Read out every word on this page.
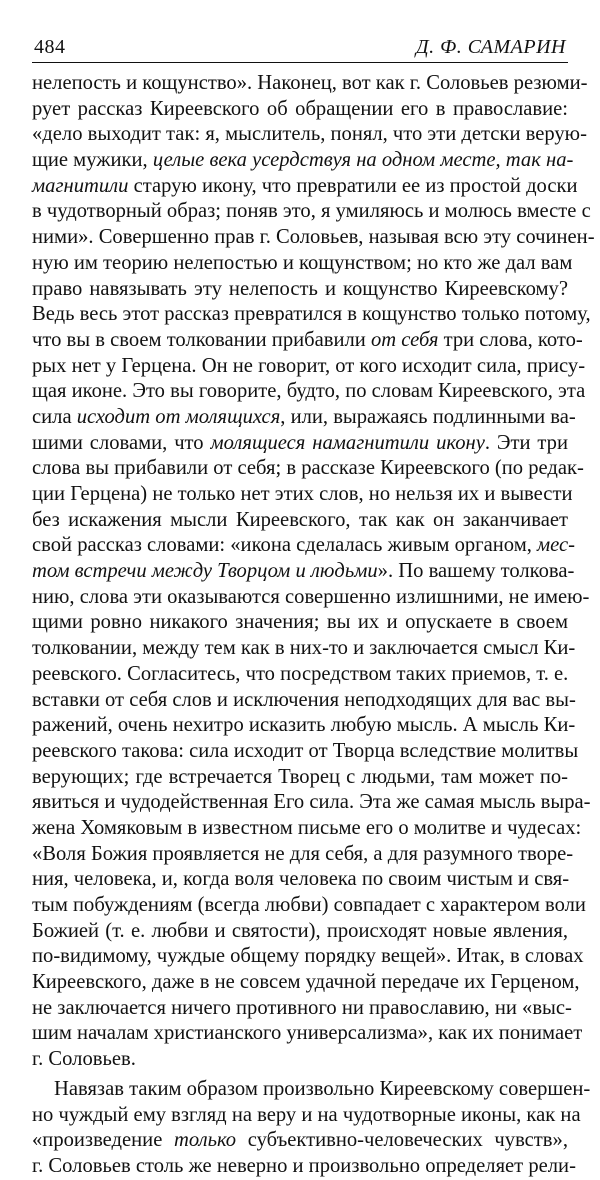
484	Д. Ф. САМАРИН
нелепость и кощунство». Наконец, вот как г. Соловьев резюми-
рует рассказ Киреевского об обращении его в православие:
«дело выходит так: я, мыслитель, понял, что эти детски верую-
щие мужики, целые века усердствуя на одном месте, так на-
магнитили старую икону, что превратили ее из простой доски
в чудотворный образ; поняв это, я умиляюсь и молюсь вместе с
ними». Совершенно прав г. Соловьев, называя всю эту сочинен-
ную им теорию нелепостью и кощунством; но кто же дал вам
право навязывать эту нелепость и кощунство Киреевскому?
Ведь весь этот рассказ превратился в кощунство только потому,
что вы в своем толковании прибавили от себя три слова, кото-
рых нет у Герцена. Он не говорит, от кого исходит сила, прису-
щая иконе. Это вы говорите, будто, по словам Киреевского, эта
сила исходит от молящихся, или, выражаясь подлинными ва-
шими словами, что молящиеся намагнитили икону. Эти три
слова вы прибавили от себя; в рассказе Киреевского (по редак-
ции Герцена) не только нет этих слов, но нельзя их и вывести
без искажения мысли Киреевского, так как он заканчивает
свой рассказ словами: «икона сделалась живым органом, мес-
том встречи между Творцом и людьми». По вашему толкова-
нию, слова эти оказываются совершенно излишними, не имею-
щими ровно никакого значения; вы их и опускаете в своем
толковании, между тем как в них-то и заключается смысл Ки-
реевского. Согласитесь, что посредством таких приемов, т. е.
вставки от себя слов и исключения неподходящих для вас вы-
ражений, очень нехитро исказить любую мысль. А мысль Ки-
реевского такова: сила исходит от Творца вследствие молитвы
верующих; где встречается Творец с людьми, там может по-
явиться и чудодейственная Его сила. Эта же самая мысль выра-
жена Хомяковым в известном письме его о молитве и чудесах:
«Воля Божия проявляется не для себя, а для разумного творе-
ния, человека, и, когда воля человека по своим чистым и свя-
тым побуждениям (всегда любви) совпадает с характером воли
Божией (т. е. любви и святости), происходят новые явления,
по-видимому, чуждые общему порядку вещей». Итак, в словах
Киреевского, даже в не совсем удачной передаче их Герценом,
не заключается ничего противного ни православию, ни «выс-
шим началам христианского универсализма», как их понимает
г. Соловьев.
Навязав таким образом произвольно Киреевскому совершен-
но чуждый ему взгляд на веру и на чудотворные иконы, как на
«произведение только субъективно-человеческих чувств»,
г. Соловьев столь же неверно и произвольно определяет рели-
